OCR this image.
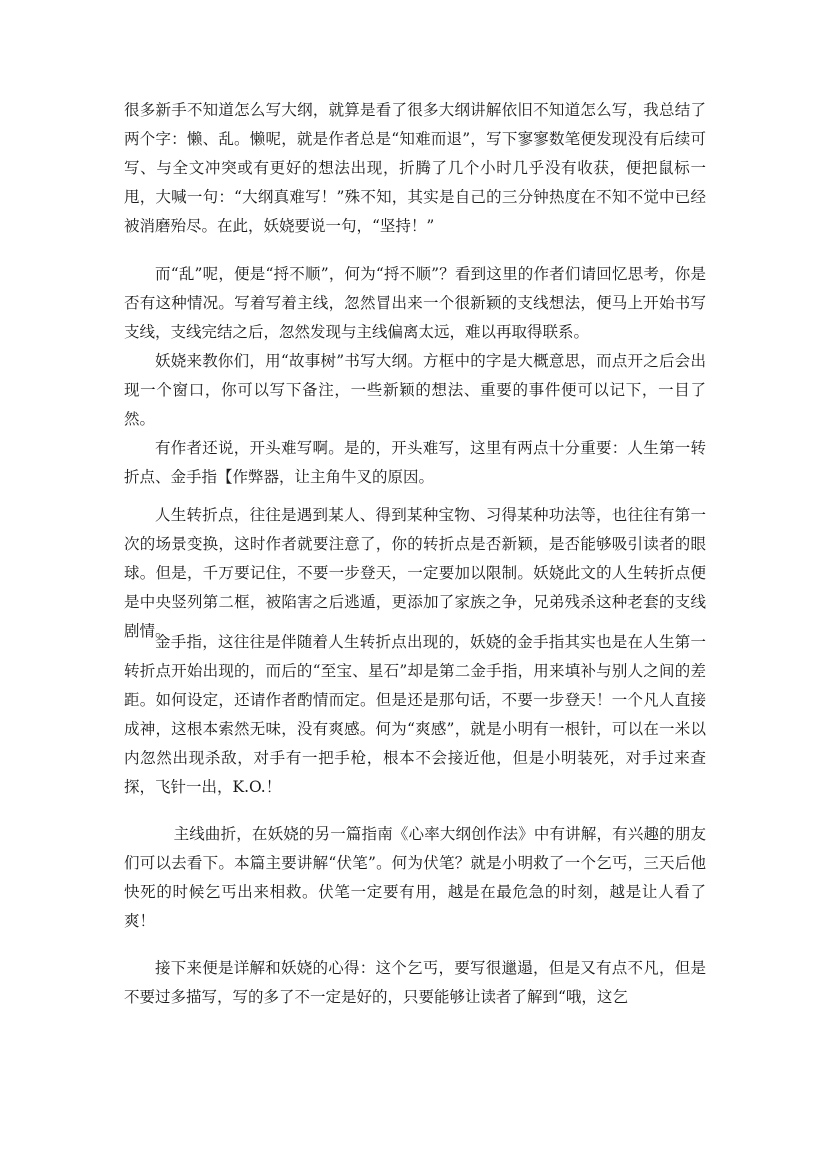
很多新手不知道怎么写大纲，就算是看了很多大纲讲解依旧不知道怎么写，我总结了两个字：懒、乱。懒呢，就是作者总是“知难而退”，写下寥寥数笔便发现没有后续可写、与全文冲突或有更好的想法出现，折腾了几个小时几乎没有收获，便把鼠标一甩，大喊一句：“大纲真难写！”殊不知，其实是自己的三分钟热度在不知不觉中已经被消磨殆尽。在此，妖娆要说一句，“坚持！”

而“乱”呢，便是“捋不顺”，何为“捋不顺”？看到这里的作者们请回忆思考，你是否有这种情况。写着写着主线，忽然冒出来一个很新颖的支线想法，便马上开始书写支线，支线完结之后，忽然发现与主线偏离太远，难以再取得联系。

妖娆来教你们，用“故事树”书写大纲。方框中的字是大概意思，而点开之后会出现一个窗口，你可以写下备注，一些新颖的想法、重要的事件便可以记下，一目了然。

有作者还说，开头难写啊。是的，开头难写，这里有两点十分重要：人生第一转折点、金手指【作弊器，让主角牛叉的原因。

人生转折点，往往是遇到某人、得到某种宝物、习得某种功法等，也往往有第一次的场景变换，这时作者就要注意了，你的转折点是否新颖，是否能够吸引读者的眼球。但是，千万要记住，不要一步登天，一定要加以限制。妖娆此文的人生转折点便是中央竖列第二框，被陷害之后逃遁，更添加了家族之争，兄弟残杀这种老套的支线剧情。

金手指，这往往是伴随着人生转折点出现的，妖娆的金手指其实也是在人生第一转折点开始出现的，而后的“至宝、星石”却是第二金手指，用来填补与别人之间的差距。如何设定，还请作者酌情而定。但是还是那句话，不要一步登天！一个凡人直接成神，这根本索然无味，没有爽感。何为“爽感”，就是小明有一根针，可以在一米以内忽然出现杀敌，对手有一把手枪，根本不会接近他，但是小明装死，对手过来查探，飞针一出，K.O.！

主线曲折，在妖娆的另一篇指南《心率大纲创作法》中有讲解，有兴趣的朋友们可以去看下。本篇主要讲解“伏笔”。何为伏笔？就是小明救了一个乞丐，三天后他快死的时候乞丐出来相救。伏笔一定要有用，越是在最危急的时刻，越是让人看了爽！

接下来便是详解和妖娆的心得：这个乞丐，要写很邋遢，但是又有点不凡，但是不要过多描写，写的多了不一定是好的，只要能够让读者了解到“哦，这乞
